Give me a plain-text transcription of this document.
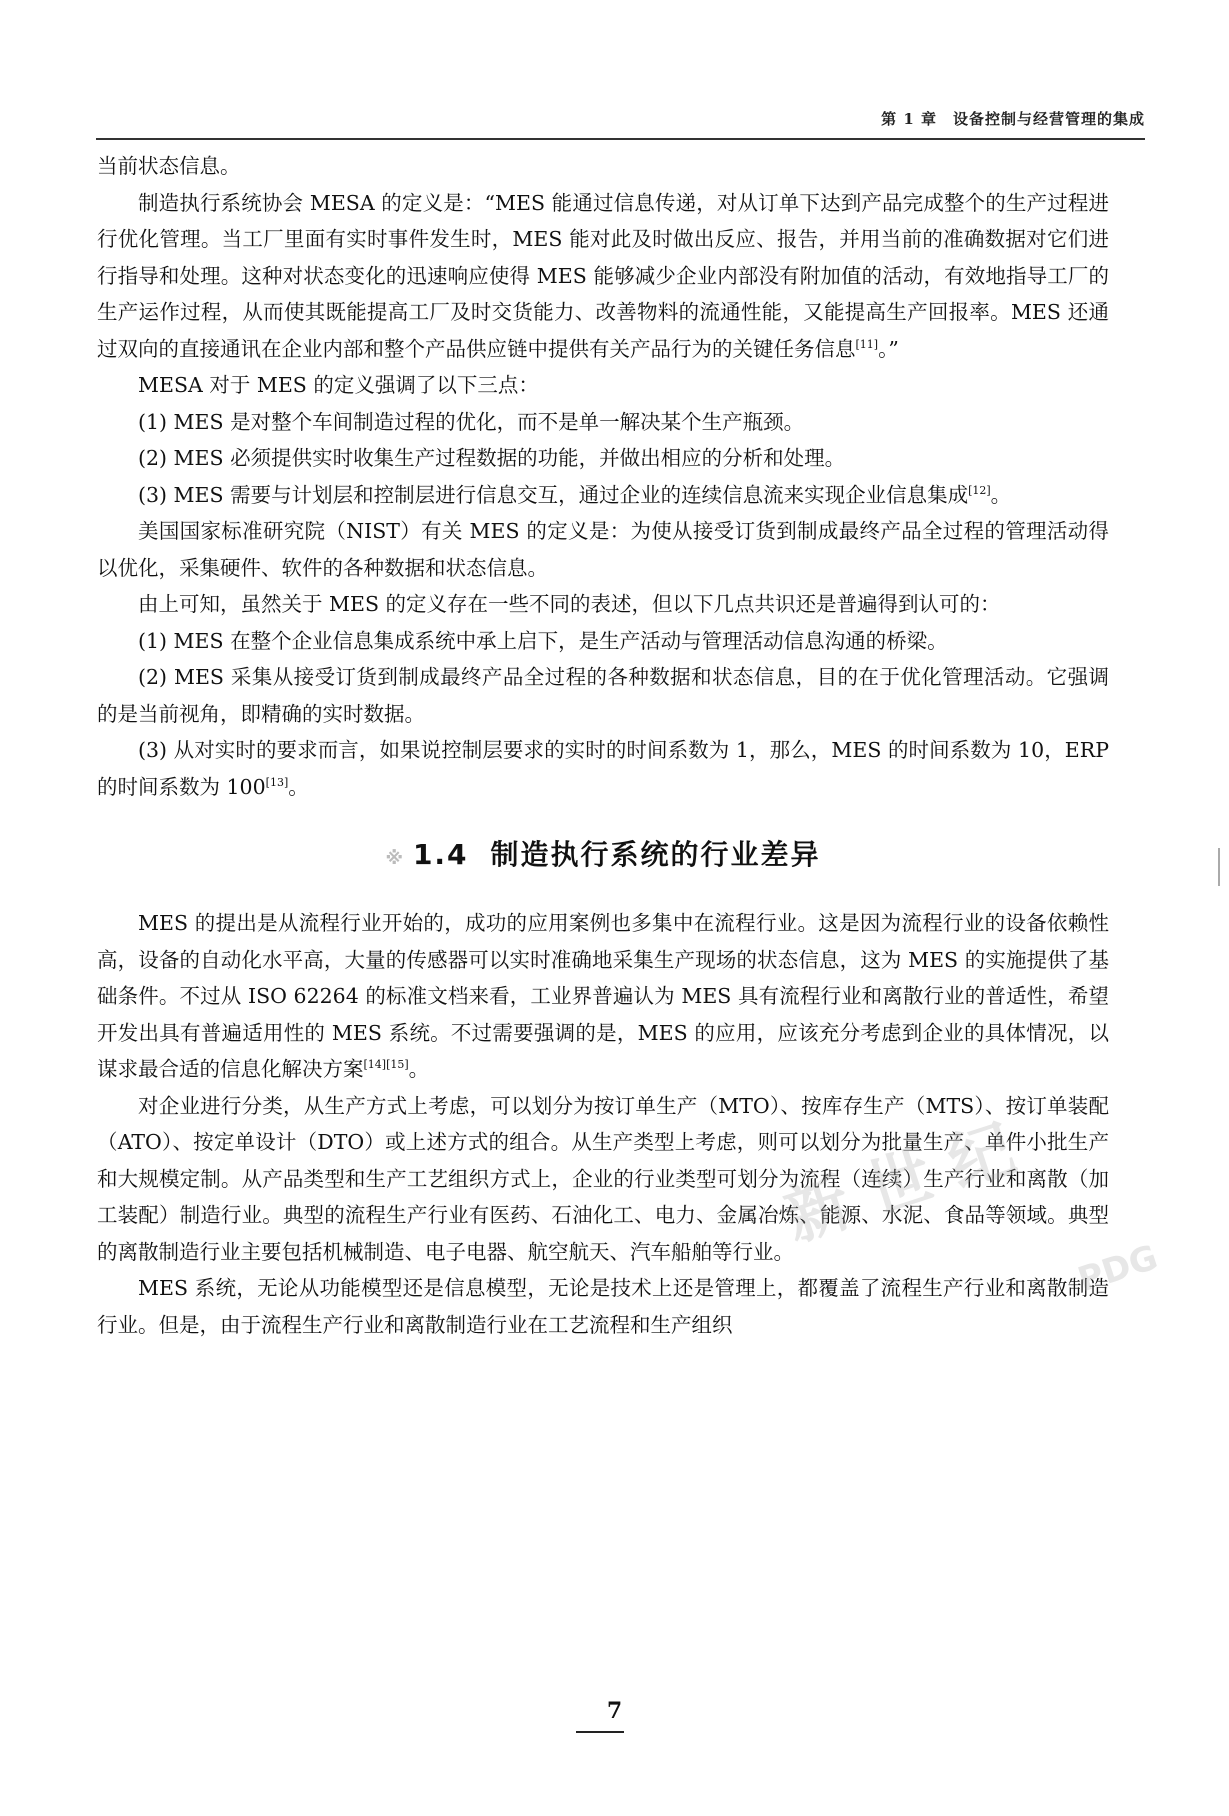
第 1 章　设备控制与经营管理的集成

当前状态信息。

制造执行系统协会 MESA 的定义是：“MES 能通过信息传递，对从订单下达到产品完成整个的生产过程进行优化管理。当工厂里面有实时事件发生时，MES 能对此及时做出反应、报告，并用当前的准确数据对它们进行指导和处理。这种对状态变化的迅速响应使得 MES 能够减少企业内部没有附加值的活动，有效地指导工厂的生产运作过程，从而使其既能提高工厂及时交货能力、改善物料的流通性能，又能提高生产回报率。MES 还通过双向的直接通讯在企业内部和整个产品供应链中提供有关产品行为的关键任务信息[11]。”

MESA 对于 MES 的定义强调了以下三点：

(1) MES 是对整个车间制造过程的优化，而不是单一解决某个生产瓶颈。

(2) MES 必须提供实时收集生产过程数据的功能，并做出相应的分析和处理。

(3) MES 需要与计划层和控制层进行信息交互，通过企业的连续信息流来实现企业信息集成[12]。

美国国家标准研究院（NIST）有关 MES 的定义是：为使从接受订货到制成最终产品全过程的管理活动得以优化，采集硬件、软件的各种数据和状态信息。

由上可知，虽然关于 MES 的定义存在一些不同的表述，但以下几点共识还是普遍得到认可的：

(1) MES 在整个企业信息集成系统中承上启下，是生产活动与管理活动信息沟通的桥梁。

(2) MES 采集从接受订货到制成最终产品全过程的各种数据和状态信息，目的在于优化管理活动。它强调的是当前视角，即精确的实时数据。

(3) 从对实时的要求而言，如果说控制层要求的实时的时间系数为 1，那么，MES 的时间系数为 10，ERP 的时间系数为 100[13]。

※ 1.4 制造执行系统的行业差异

MES 的提出是从流程行业开始的，成功的应用案例也多集中在流程行业。这是因为流程行业的设备依赖性高，设备的自动化水平高，大量的传感器可以实时准确地采集生产现场的状态信息，这为 MES 的实施提供了基础条件。不过从 ISO 62264 的标准文档来看，工业界普遍认为 MES 具有流程行业和离散行业的普适性，希望开发出具有普遍适用性的 MES 系统。不过需要强调的是，MES 的应用，应该充分考虑到企业的具体情况，以谋求最合适的信息化解决方案[14][15]。

对企业进行分类，从生产方式上考虑，可以划分为按订单生产（MTO）、按库存生产（MTS）、按订单装配（ATO）、按定单设计（DTO）或上述方式的组合。从生产类型上考虑，则可以划分为批量生产、单件小批生产和大规模定制。从产品类型和生产工艺组织方式上，企业的行业类型可划分为流程（连续）生产行业和离散（加工装配）制造行业。典型的流程生产行业有医药、石油化工、电力、金属冶炼、能源、水泥、食品等领域。典型的离散制造行业主要包括机械制造、电子电器、航空航天、汽车船舶等行业。

MES 系统，无论从功能模型还是信息模型，无论是技术上还是管理上，都覆盖了流程生产行业和离散制造行业。但是，由于流程生产行业和离散制造行业在工艺流程和生产组织

新 世 纪
PDG
7
